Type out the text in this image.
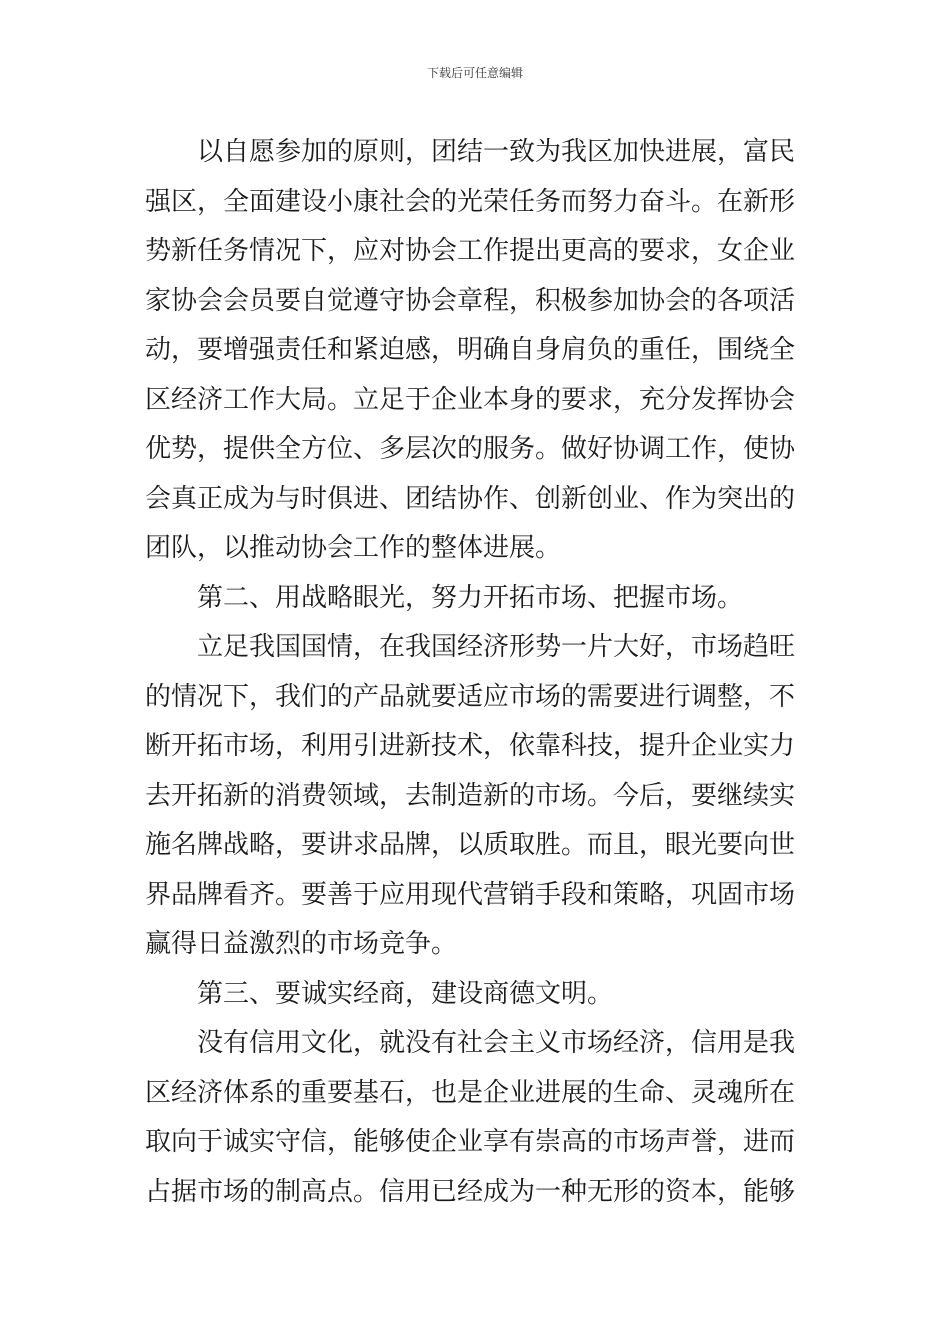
下载后可任意编辑
以自愿参加的原则，团结一致为我区加快进展，富民
强区，全面建设小康社会的光荣任务而努力奋斗。在新形
势新任务情况下，应对协会工作提出更高的要求，女企业
家协会会员要自觉遵守协会章程，积极参加协会的各项活
动，要增强责任和紧迫感，明确自身肩负的重任，围绕全
区经济工作大局。立足于企业本身的要求，充分发挥协会
优势，提供全方位、多层次的服务。做好协调工作，使协
会真正成为与时俱进、团结协作、创新创业、作为突出的
团队，以推动协会工作的整体进展。
第二、用战略眼光，努力开拓市场、把握市场。
立足我国国情，在我国经济形势一片大好，市场趋旺
的情况下，我们的产品就要适应市场的需要进行调整，不
断开拓市场，利用引进新技术，依靠科技，提升企业实力
去开拓新的消费领域，去制造新的市场。今后，要继续实
施名牌战略，要讲求品牌，以质取胜。而且，眼光要向世
界品牌看齐。要善于应用现代营销手段和策略，巩固市场
赢得日益激烈的市场竞争。
第三、要诚实经商，建设商德文明。
没有信用文化，就没有社会主义市场经济，信用是我
区经济体系的重要基石，也是企业进展的生命、灵魂所在
取向于诚实守信，能够使企业享有崇高的市场声誉，进而
占据市场的制高点。信用已经成为一种无形的资本，能够
